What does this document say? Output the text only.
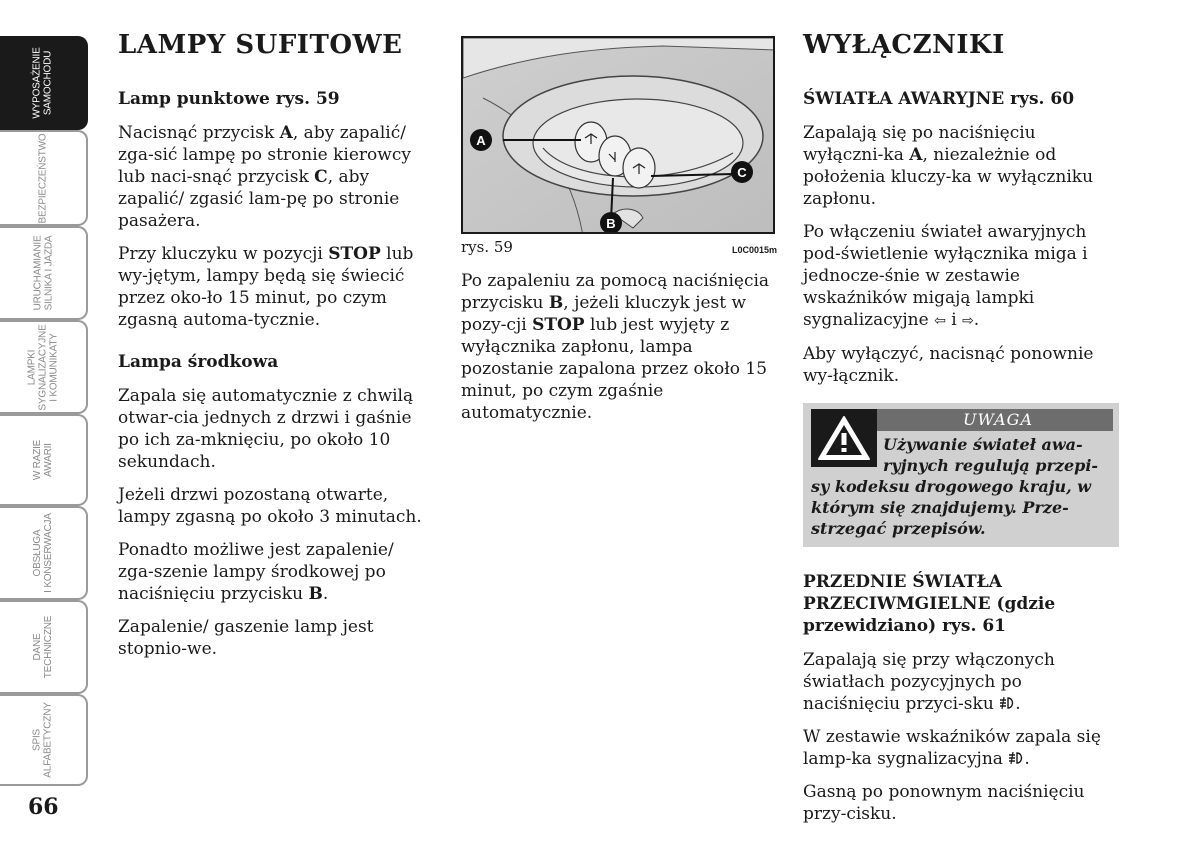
WYPOSAŻENIE SAMOCHODU
BEZPIECZEŃSTWO
URUCHAMIANIE SILNIKA I JAZDA
LAMPKI SYGNALIZACYJNE I KOMUNIKATY
W RAZIE AWARII
OBSŁUGA I KONSERWACJA
DANE TECHNICZNE
SPIS ALFABETYCZNY
66
LAMPY SUFITOWE
Lamp punktowe rys. 59

Nacisnąć przycisk A, aby zapalić/ zga-sić lampę po stronie kierowcy lub naci-snąć przycisk C, aby zapalić/ zgasić lam-pę po stronie pasażera.

Przy kluczyku w pozycji STOP lub wy-jętym, lampy będą się świecić przez oko-ło 15 minut, po czym zgasną automa-tycznie.

Lampa środkowa

Zapala się automatycznie z chwilą otwar-cia jednych z drzwi i gaśnie po ich za-mknięciu, po około 10 sekundach.

Jeżeli drzwi pozostaną otwarte, lampy zgasną po około 3 minutach.

Ponadto możliwe jest zapalenie/ zga-szenie lampy środkowej po naciśnięciu przycisku B.

Zapalenie/ gaszenie lamp jest stopnio-we.

A
B
C
rys. 59	L0C0015m

Po zapaleniu za pomocą naciśnięcia przycisku B, jeżeli kluczyk jest w pozy-cji STOP lub jest wyjęty z wyłącznika zapłonu, lampa pozostanie zapalona przez około 15 minut, po czym zgaśnie automatycznie.

WYŁĄCZNIKI
ŚWIATŁA AWARYJNE rys. 60

Zapalają się po naciśnięciu wyłączni-ka A, niezależnie od położenia kluczy-ka w wyłączniku zapłonu.

Po włączeniu świateł awaryjnych pod-świetlenie wyłącznika miga i jednocze-śnie w zestawie wskaźników migają lampki sygnalizacyjne ⇦ i ⇨.

Aby wyłączyć, nacisnąć ponownie wy-łącznik.

UWAGA
Używanie świateł awa-ryjnych regulują przepi-sy kodeksu drogowego kraju, w którym się znajdujemy. Prze-strzegać przepisów.
PRZEDNIE ŚWIATŁA PRZECIWMGIELNE (gdzie przewidziano) rys. 61

Zapalają się przy włączonych światłach pozycyjnych po naciśnięciu przyci-sku .

W zestawie wskaźników zapala się lamp-ka sygnalizacyjna .

Gasną po ponownym naciśnięciu przy-cisku.
